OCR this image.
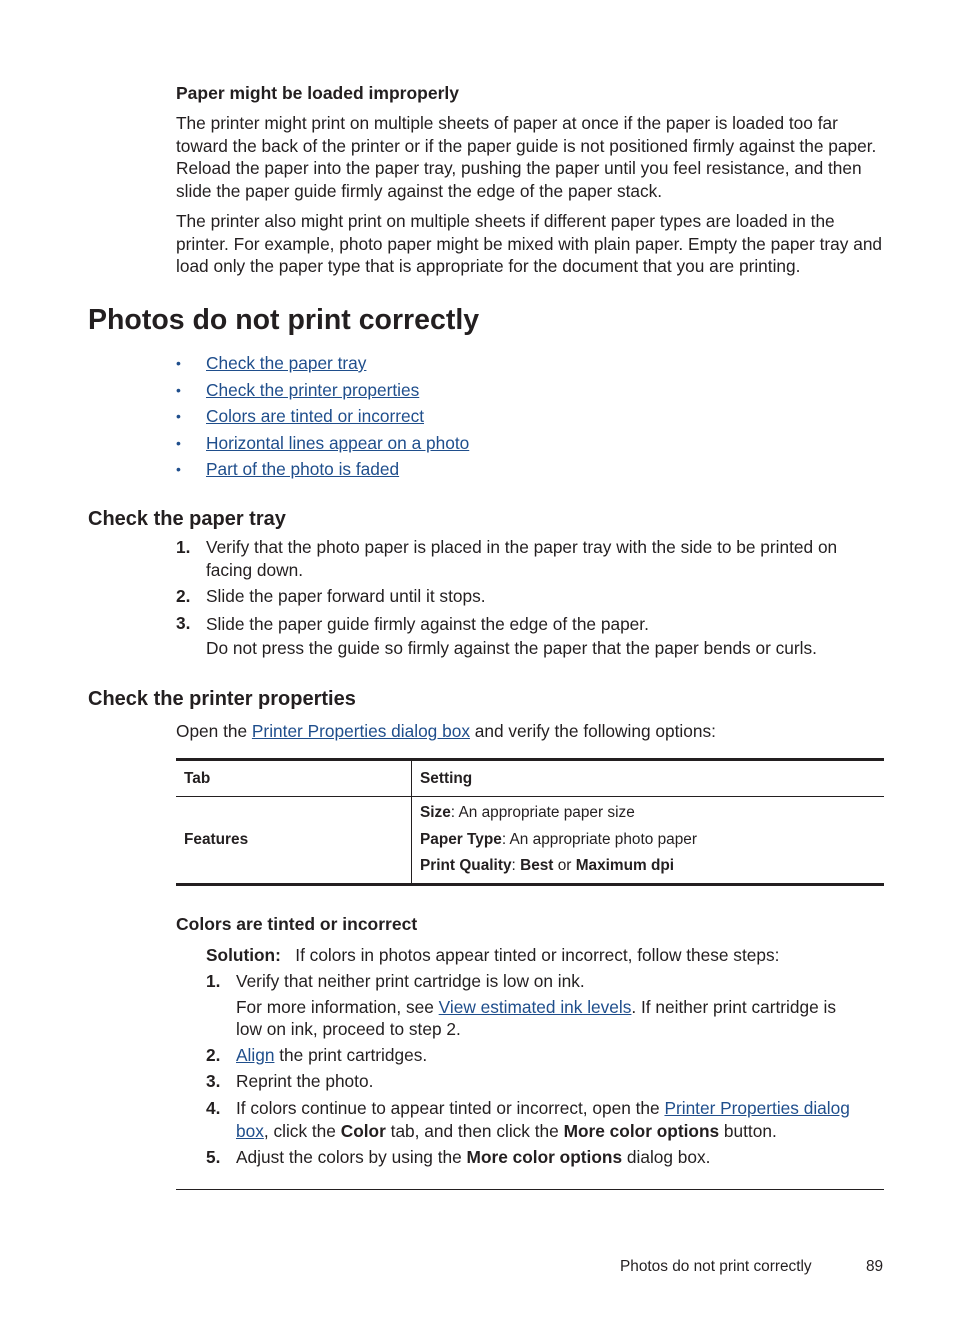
Paper might be loaded improperly

The printer might print on multiple sheets of paper at once if the paper is loaded too far toward the back of the printer or if the paper guide is not positioned firmly against the paper. Reload the paper into the paper tray, pushing the paper until you feel resistance, and then slide the paper guide firmly against the edge of the paper stack.

The printer also might print on multiple sheets if different paper types are loaded in the printer. For example, photo paper might be mixed with plain paper. Empty the paper tray and load only the paper type that is appropriate for the document that you are printing.

Photos do not print correctly
• Check the paper tray
• Check the printer properties
• Colors are tinted or incorrect
• Horizontal lines appear on a photo
• Part of the photo is faded
Check the paper tray
1. Verify that the photo paper is placed in the paper tray with the side to be printed on
facing down.
2. Slide the paper forward until it stops.
3. Slide the paper guide firmly against the edge of the paper.
Do not press the guide so firmly against the paper that the paper bends or curls.
Check the printer properties

Open the Printer Properties dialog box and verify the following options:

Tab	Setting
Features	Size: An appropriate paper size
Paper Type: An appropriate photo paper
Print Quality: Best or Maximum dpi
Colors are tinted or incorrect

Solution: If colors in photos appear tinted or incorrect, follow these steps:

1. Verify that neither print cartridge is low on ink.
For more information, see View estimated ink levels. If neither print cartridge is
low on ink, proceed to step 2.
2. Align the print cartridges.
3. Reprint the photo.
4. If colors continue to appear tinted or incorrect, open the Printer Properties dialog
box, click the Color tab, and then click the More color options button.
5. Adjust the colors by using the More color options dialog box.
Photos do not print correctly	89
